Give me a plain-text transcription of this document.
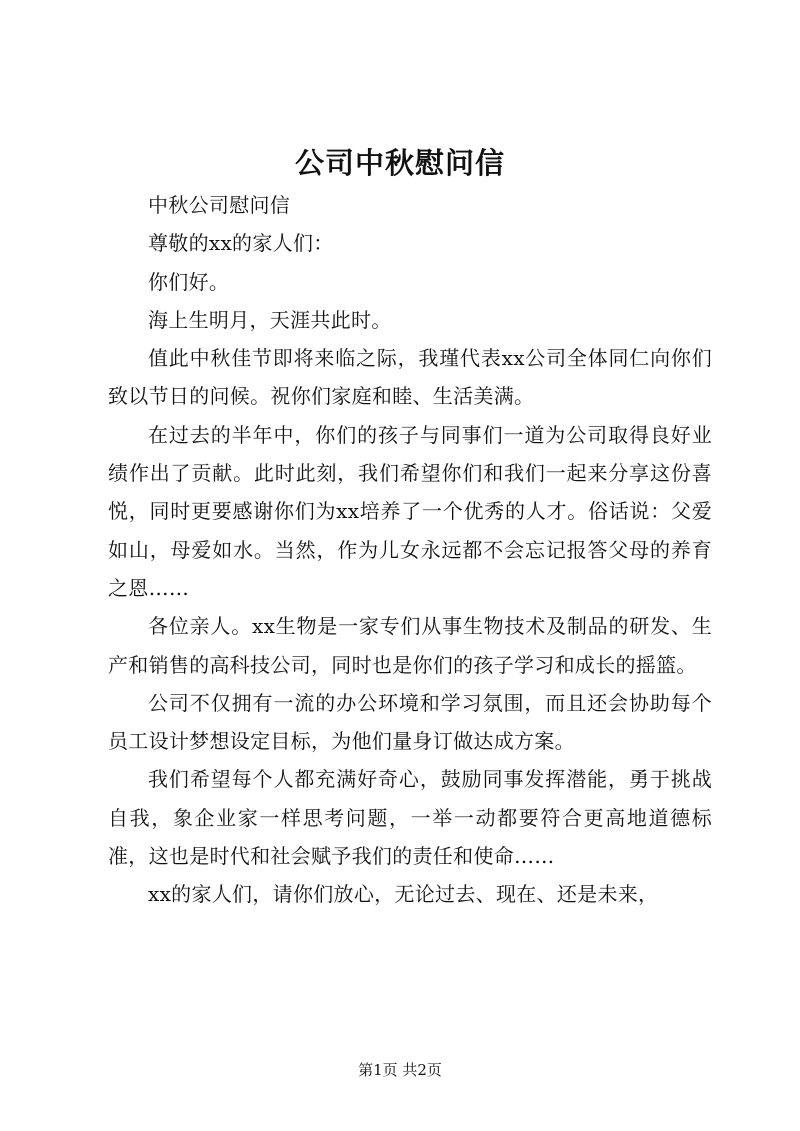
公司中秋慰问信

中秋公司慰问信

尊敬的xx的家人们：

你们好。

海上生明月，天涯共此时。

值此中秋佳节即将来临之际，我瑾代表xx公司全体同仁向你们致以节日的问候。祝你们家庭和睦、生活美满。

在过去的半年中，你们的孩子与同事们一道为公司取得良好业绩作出了贡献。此时此刻，我们希望你们和我们一起来分享这份喜悦，同时更要感谢你们为xx培养了一个优秀的人才。俗话说：父爱如山，母爱如水。当然，作为儿女永远都不会忘记报答父母的养育之恩……

各位亲人。xx生物是一家专们从事生物技术及制品的研发、生产和销售的高科技公司，同时也是你们的孩子学习和成长的摇篮。

公司不仅拥有一流的办公环境和学习氛围，而且还会协助每个员工设计梦想设定目标，为他们量身订做达成方案。

我们希望每个人都充满好奇心，鼓励同事发挥潜能，勇于挑战自我，象企业家一样思考问题，一举一动都要符合更高地道德标准，这也是时代和社会赋予我们的责任和使命……

xx的家人们，请你们放心，无论过去、现在、还是未来，

第1页 共2页
